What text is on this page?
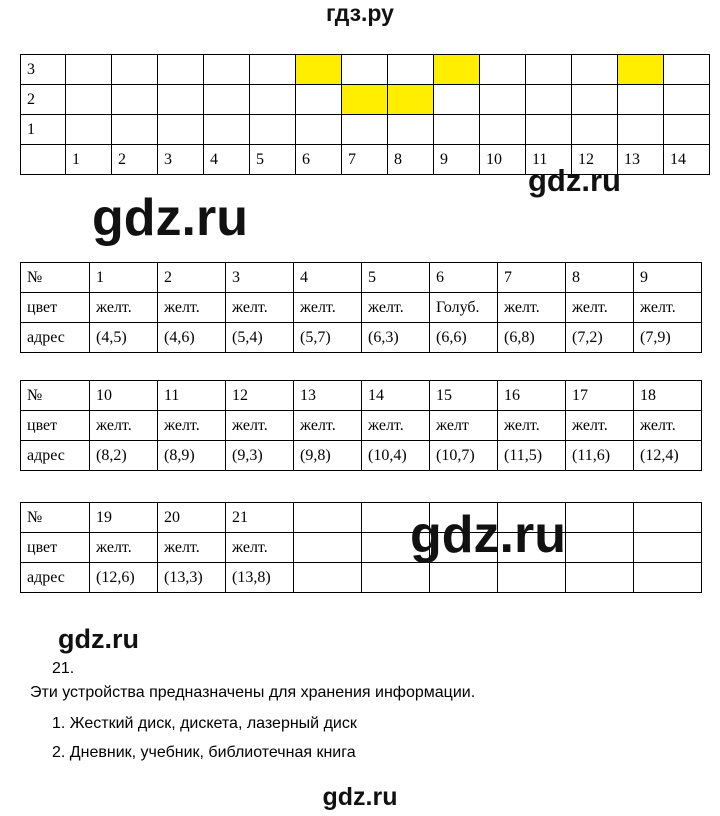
гдз.ру
3														
2														
1														
	1	2	3	4	5	6	7	8	9	10	11	12	13	14
gdz.ru
gdz.ru
№	1	2	3	4	5	6	7	8	9
цвет	желт.	желт.	желт.	желт.	желт.	Голуб.	желт.	желт.	желт.
адрес	(4,5)	(4,6)	(5,4)	(5,7)	(6,3)	(6,6)	(6,8)	(7,2)	(7,9)
№	10	11	12	13	14	15	16	17	18
цвет	желт.	желт.	желт.	желт.	желт.	желт	желт.	желт.	желт.
адрес	(8,2)	(8,9)	(9,3)	(9,8)	(10,4)	(10,7)	(11,5)	(11,6)	(12,4)
№	19	20	21						
цвет	желт.	желт.	желт.						
адрес	(12,6)	(13,3)	(13,8)						
gdz.ru
gdz.ru
21.
Эти устройства предназначены для хранения информации.
1. Жесткий диск, дискета, лазерный диск
2. Дневник, учебник, библиотечная книга
gdz.ru
